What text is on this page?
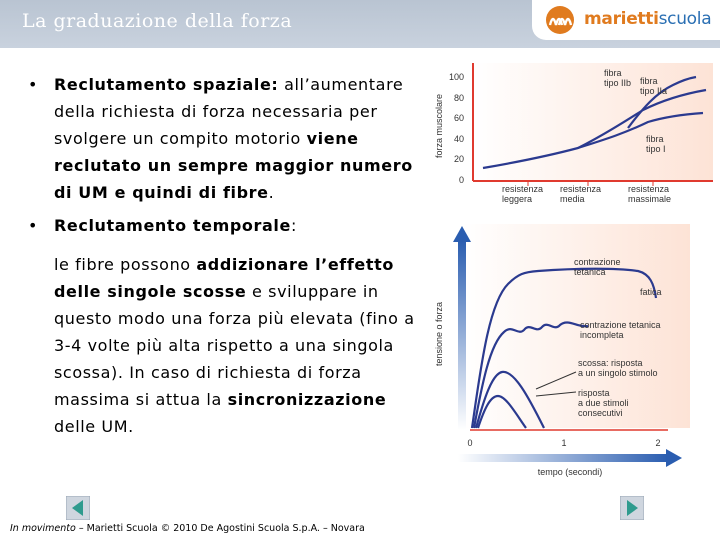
La graduazione della forza	mariettiscuola
• Reclutamento spaziale: all’aumentare della richiesta di forza necessaria per svolgere un compito motorio viene reclutato un sempre maggior numero di UM e quindi di fibre.
• Reclutamento temporale:
le fibre possono addizionare l’effetto delle singole scosse e sviluppare in questo modo una forza più elevata (fino a 3-4 volte più alta rispetto a una singola scossa). In caso di richiesta di forza massima si attua la sincronizzazione delle UM.
forza muscolare
100
80
60
40
20
0
fibra tipo IIb fibra tipo IIa
fibra tipo I
resistenza leggera
resistenza media
resistenza massimale
tensione o forza
0	1	2
tempo (secondi)
contrazione tetanica
fatica
contrazione tetanica incompleta
scossa: risposta a un singolo stimolo
risposta a due stimoli consecutivi
In movimento – Marietti Scuola © 2010 De Agostini Scuola S.p.A. – Novara
